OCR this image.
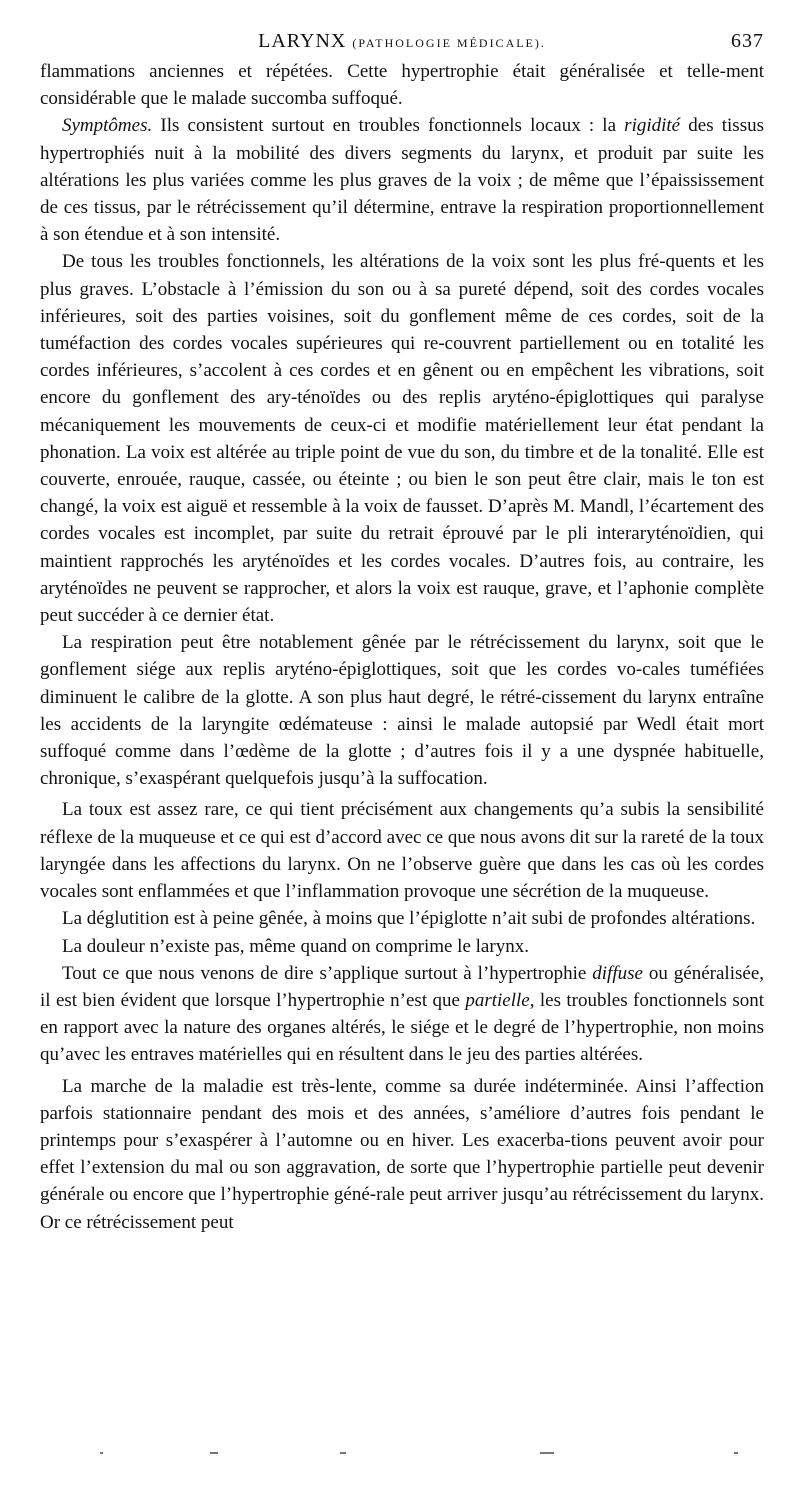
LARYNX (PATHOLOGIE MÉDICALE).	637

flammations anciennes et répétées. Cette hypertrophie était généralisée et telle-ment considérable que le malade succomba suffoqué.

Symptômes. Ils consistent surtout en troubles fonctionnels locaux : la rigidité des tissus hypertrophiés nuit à la mobilité des divers segments du larynx, et produit par suite les altérations les plus variées comme les plus graves de la voix ; de même que l’épaississement de ces tissus, par le rétrécissement qu’il détermine, entrave la respiration proportionnellement à son étendue et à son intensité.

De tous les troubles fonctionnels, les altérations de la voix sont les plus fré-quents et les plus graves. L’obstacle à l’émission du son ou à sa pureté dépend, soit des cordes vocales inférieures, soit des parties voisines, soit du gonflement même de ces cordes, soit de la tuméfaction des cordes vocales supérieures qui re-couvrent partiellement ou en totalité les cordes inférieures, s’accolent à ces cordes et en gênent ou en empêchent les vibrations, soit encore du gonflement des ary-ténoïdes ou des replis aryténo-épiglottiques qui paralyse mécaniquement les mouvements de ceux-ci et modifie matériellement leur état pendant la phonation. La voix est altérée au triple point de vue du son, du timbre et de la tonalité. Elle est couverte, enrouée, rauque, cassée, ou éteinte ; ou bien le son peut être clair, mais le ton est changé, la voix est aiguë et ressemble à la voix de fausset. D’après M. Mandl, l’écartement des cordes vocales est incomplet, par suite du retrait éprouvé par le pli interaryténoïdien, qui maintient rapprochés les aryténoïdes et les cordes vocales. D’autres fois, au contraire, les aryténoïdes ne peuvent se rapprocher, et alors la voix est rauque, grave, et l’aphonie complète peut succéder à ce dernier état.

La respiration peut être notablement gênée par le rétrécissement du larynx, soit que le gonflement siége aux replis aryténo-épiglottiques, soit que les cordes vo-cales tuméfiées diminuent le calibre de la glotte. A son plus haut degré, le rétré-cissement du larynx entraîne les accidents de la laryngite œdémateuse : ainsi le malade autopsié par Wedl était mort suffoqué comme dans l’œdème de la glotte ; d’autres fois il y a une dyspnée habituelle, chronique, s’exaspérant quelquefois jusqu’à la suffocation.

La toux est assez rare, ce qui tient précisément aux changements qu’a subis la sensibilité réflexe de la muqueuse et ce qui est d’accord avec ce que nous avons dit sur la rareté de la toux laryngée dans les affections du larynx. On ne l’observe guère que dans les cas où les cordes vocales sont enflammées et que l’inflammation provoque une sécrétion de la muqueuse.

La déglutition est à peine gênée, à moins que l’épiglotte n’ait subi de profondes altérations.

La douleur n’existe pas, même quand on comprime le larynx.

Tout ce que nous venons de dire s’applique surtout à l’hypertrophie diffuse ou généralisée, il est bien évident que lorsque l’hypertrophie n’est que partielle, les troubles fonctionnels sont en rapport avec la nature des organes altérés, le siége et le degré de l’hypertrophie, non moins qu’avec les entraves matérielles qui en résultent dans le jeu des parties altérées.

La marche de la maladie est très-lente, comme sa durée indéterminée. Ainsi l’affection parfois stationnaire pendant des mois et des années, s’améliore d’autres fois pendant le printemps pour s’exaspérer à l’automne ou en hiver. Les exacerba-tions peuvent avoir pour effet l’extension du mal ou son aggravation, de sorte que l’hypertrophie partielle peut devenir générale ou encore que l’hypertrophie géné-rale peut arriver jusqu’au rétrécissement du larynx. Or ce rétrécissement peut
